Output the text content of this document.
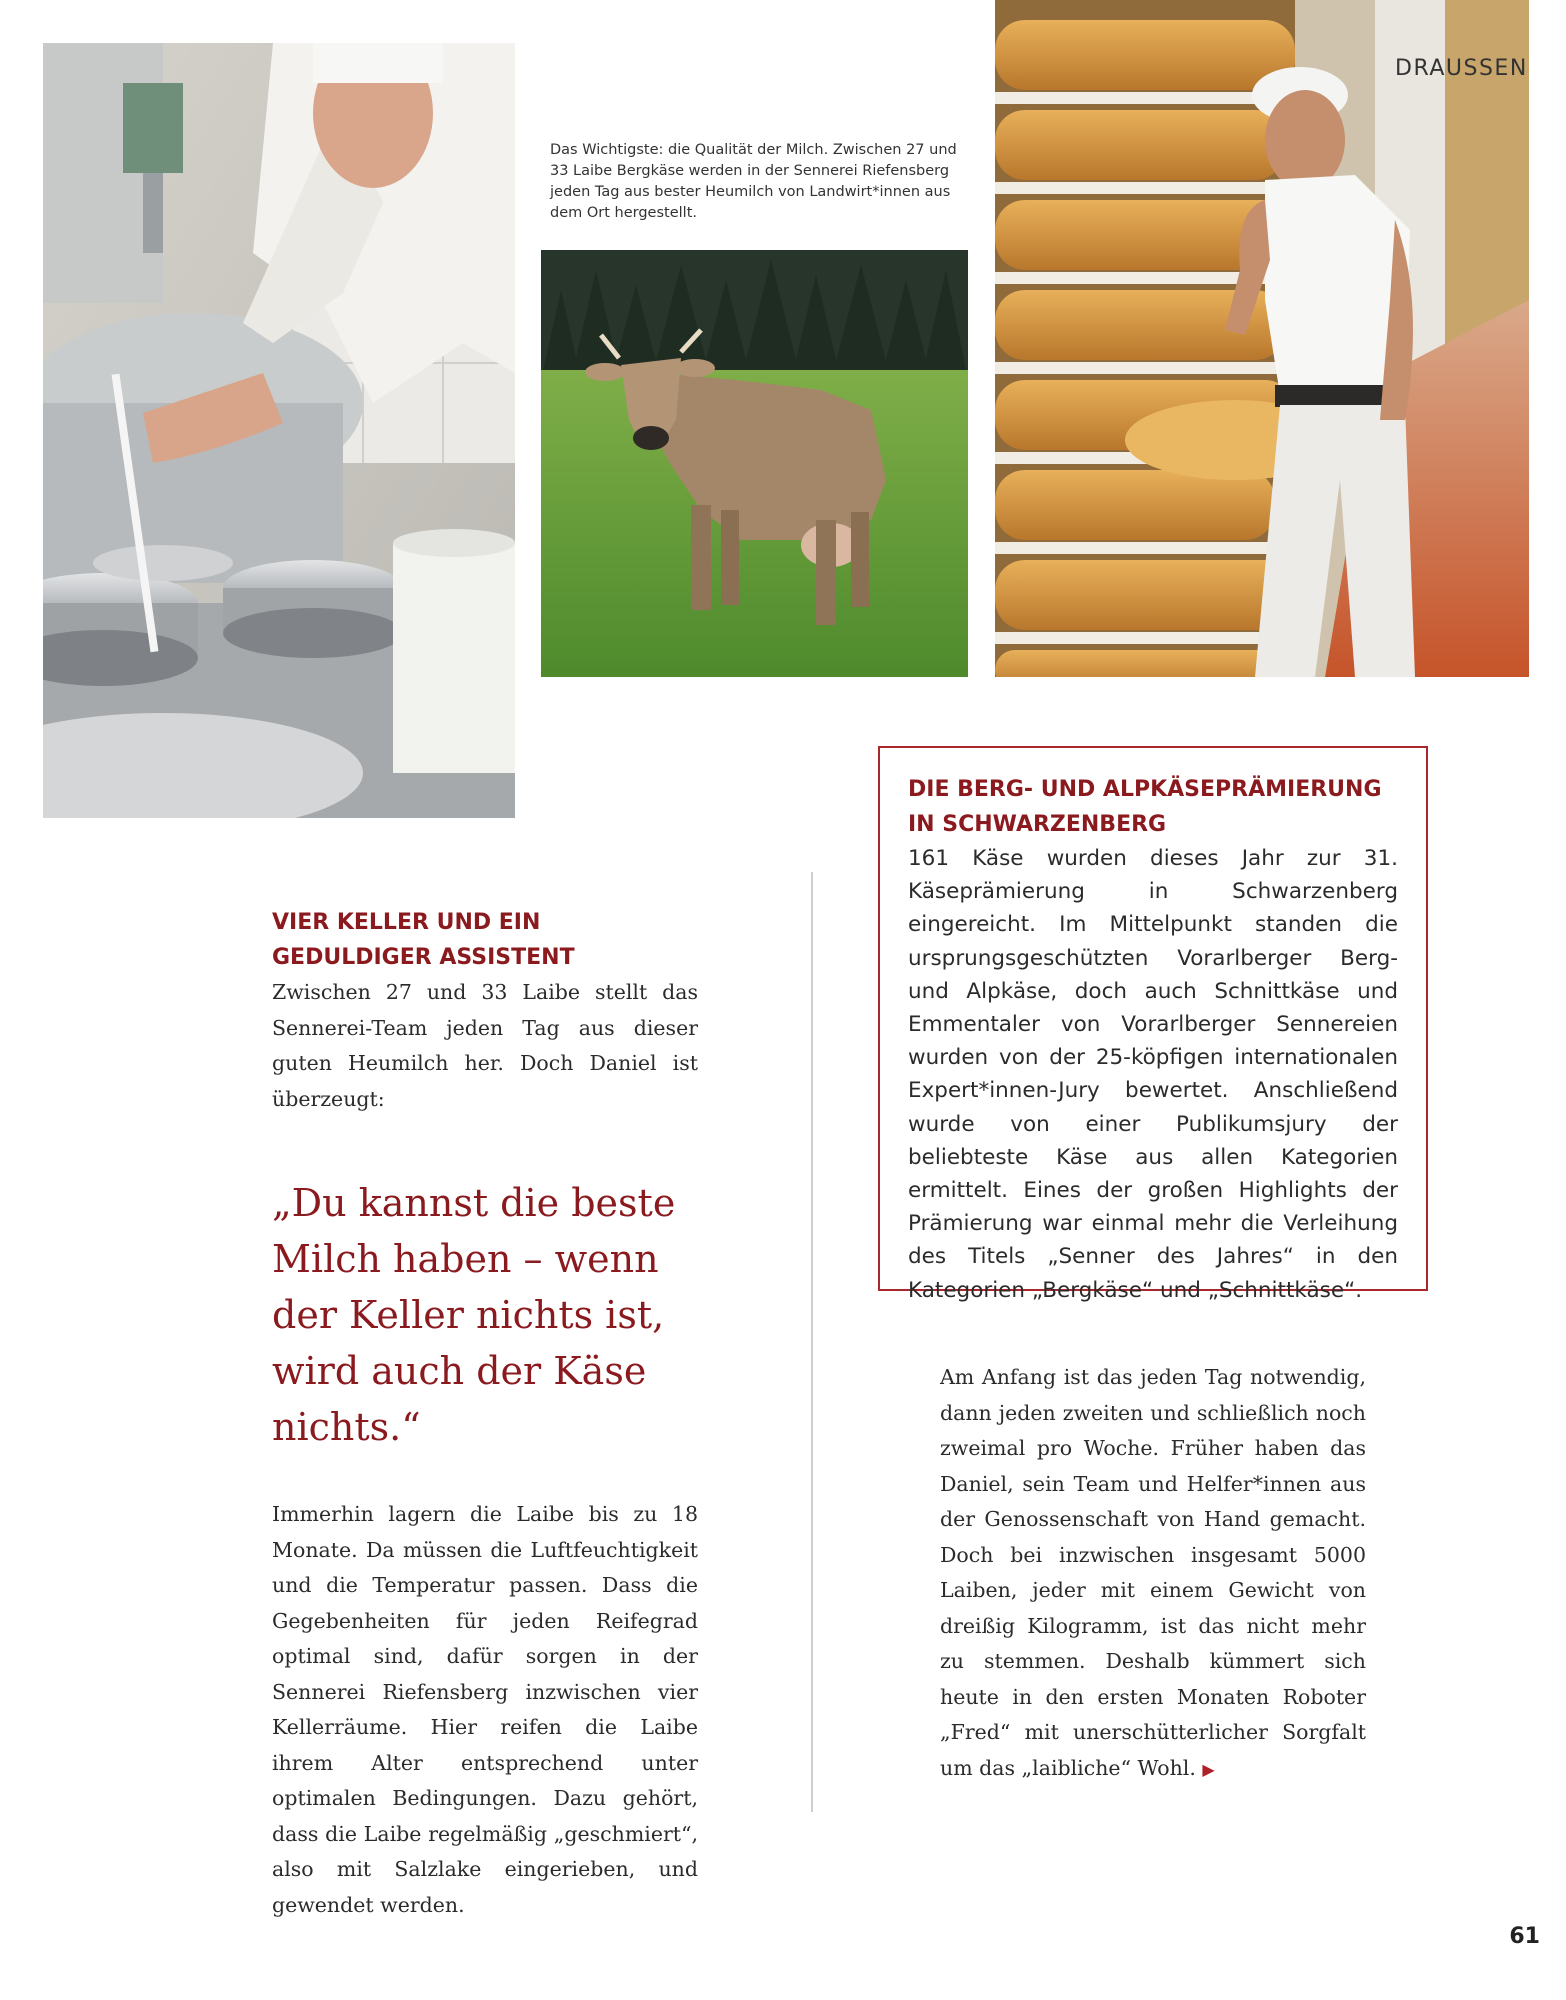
DRAUSSEN
Das Wichtigste: die Qualität der Milch. Zwischen 27 und 33 Laibe Bergkäse werden in der Sennerei Riefensberg jeden Tag aus bester Heumilch von Landwirt*innen aus dem Ort hergestellt.
VIER KELLER UND EIN GEDULDIGER ASSISTENT

Zwischen 27 und 33 Laibe stellt das Sennerei-Team jeden Tag aus dieser guten Heumilch her. Doch Daniel ist überzeugt:

„Du kannst die beste Milch haben – wenn der Keller nichts ist, wird auch der Käse nichts.“

Immerhin lagern die Laibe bis zu 18 Monate. Da müssen die Luftfeuchtigkeit und die Temperatur passen. Dass die Gegebenheiten für jeden Reifegrad optimal sind, dafür sorgen in der Sennerei Riefensberg inzwischen vier Kellerräume. Hier reifen die Laibe ihrem Alter entsprechend unter optimalen Bedingungen. Dazu gehört, dass die Laibe regelmäßig „geschmiert“, also mit Salzlake eingerieben, und gewendet werden.

DIE BERG- UND ALPKÄSEPRÄMIERUNG IN SCHWARZENBERG

161 Käse wurden dieses Jahr zur 31. Käseprämierung in Schwarzenberg eingereicht. Im Mittelpunkt standen die ursprungsgeschützten Vorarlberger Berg- und Alpkäse, doch auch Schnittkäse und Emmentaler von Vorarlberger Sennereien wurden von der 25-köpfigen internationalen Expert*innen-Jury bewertet. Anschließend wurde von einer Publikumsjury der beliebteste Käse aus allen Kategorien ermittelt. Eines der großen Highlights der Prämierung war einmal mehr die Verleihung des Titels „Senner des Jahres“ in den Kategorien „Bergkäse“ und „Schnittkäse“.

Am Anfang ist das jeden Tag notwendig, dann jeden zweiten und schließlich noch zweimal pro Woche. Früher haben das Daniel, sein Team und Helfer*innen aus der Genossenschaft von Hand gemacht. Doch bei inzwischen insgesamt 5000 Laiben, jeder mit einem Gewicht von dreißig Kilogramm, ist das nicht mehr zu stemmen. Deshalb kümmert sich heute in den ersten Monaten Roboter „Fred“ mit unerschütterlicher Sorgfalt um das „laibliche“ Wohl. ▶

61
